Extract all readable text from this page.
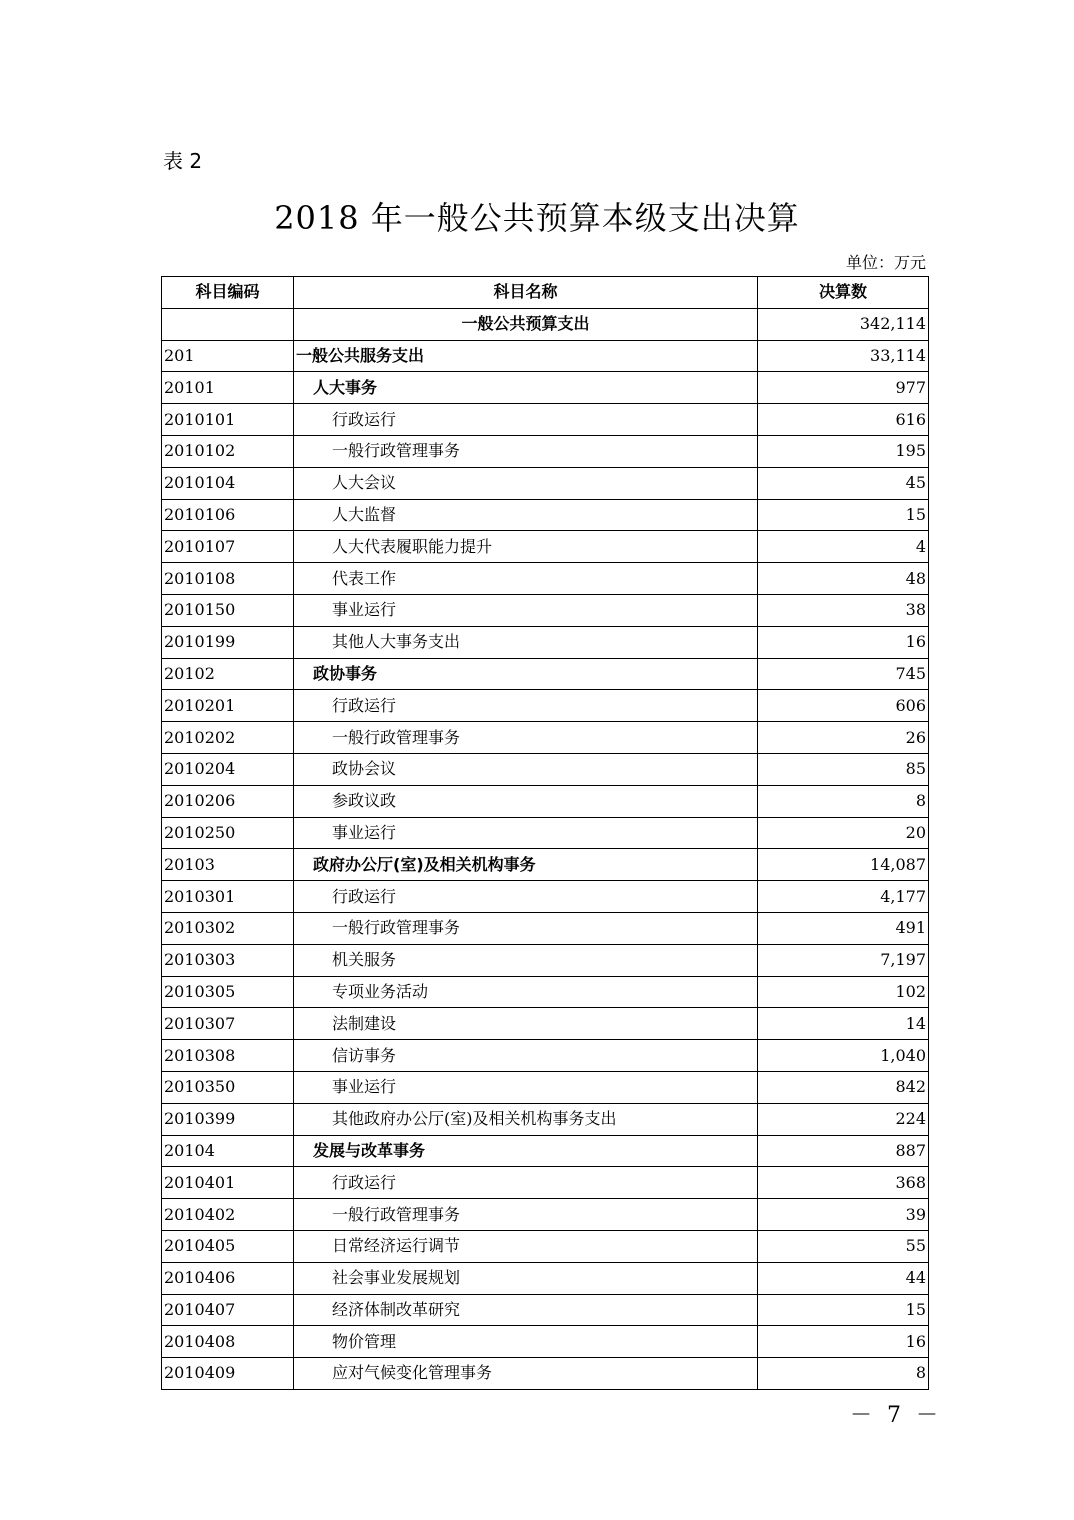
表 2
2018 年一般公共预算本级支出决算
单位：万元
科目编码	科目名称	决算数
	一般公共预算支出	342,114
201	一般公共服务支出	33,114
20101	人大事务	977
2010101	行政运行	616
2010102	一般行政管理事务	195
2010104	人大会议	45
2010106	人大监督	15
2010107	人大代表履职能力提升	4
2010108	代表工作	48
2010150	事业运行	38
2010199	其他人大事务支出	16
20102	政协事务	745
2010201	行政运行	606
2010202	一般行政管理事务	26
2010204	政协会议	85
2010206	参政议政	8
2010250	事业运行	20
20103	政府办公厅(室)及相关机构事务	14,087
2010301	行政运行	4,177
2010302	一般行政管理事务	491
2010303	机关服务	7,197
2010305	专项业务活动	102
2010307	法制建设	14
2010308	信访事务	1,040
2010350	事业运行	842
2010399	其他政府办公厅(室)及相关机构事务支出	224
20104	发展与改革事务	887
2010401	行政运行	368
2010402	一般行政管理事务	39
2010405	日常经济运行调节	55
2010406	社会事业发展规划	44
2010407	经济体制改革研究	15
2010408	物价管理	16
2010409	应对气候变化管理事务	8
－ 7 －
